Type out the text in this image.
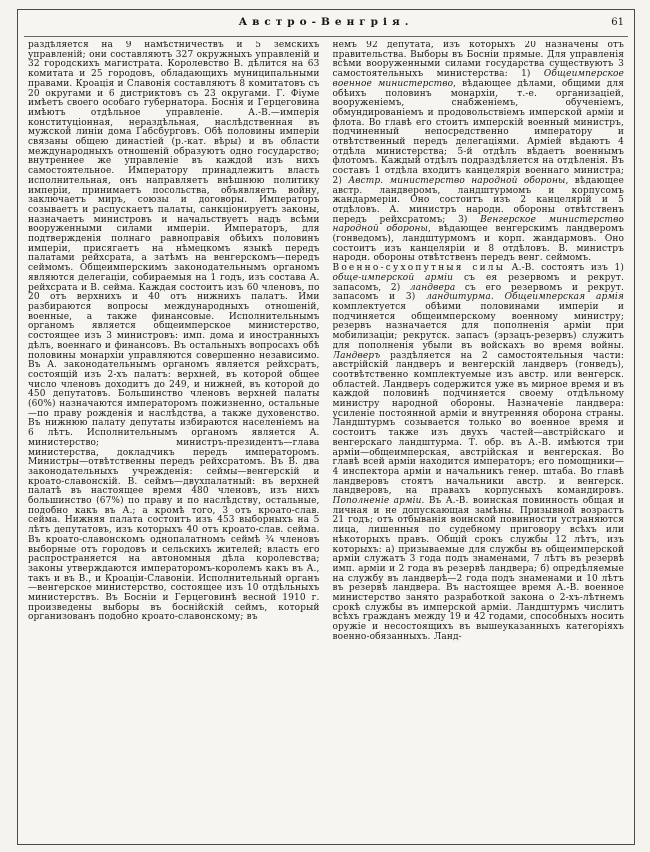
Австро-Венгрія.	61

раздѣляется на 9 намѣстничествъ и 5 земскихъ управленій; они составляютъ 327 окружныхъ управленій и 32 городскихъ магистрата. Королевство В. дѣлится на 63 комитата и 25 городовъ, обладающихъ муниципальными правами. Кроація и Славонія составляютъ 8 комитатовъ съ 20 округами и 6 дистриктовъ съ 23 округами. Г. Фіуме имѣетъ своего особаго губернатора. Боснія и Герцеговина имѣютъ отдѣльное управленіе. А.-В.—имперія конституціонная, нераздѣльная, наслѣдственная въ мужской линіи дома Габсбурговъ. Обѣ половины имперіи связаны общею династіей (р.-кат. вѣры) и въ области международныхъ отношеній образуютъ одно государство; внутреннее же управленіе въ каждой изъ нихъ самостоятельное. Императору принадлежитъ власть исполнительная, онъ направляетъ внѣшнюю политику имперіи, принимаетъ посольства, объявляетъ войну, заключаетъ миръ, союзы и договоры. Императоръ созываетъ и распускаетъ палаты, санкціонируетъ законы, назначаетъ министровъ и начальствуетъ надъ всѣми вооруженными силами имперіи. Императоръ, для подтвержденія полнаго равноправія обѣихъ половинъ имперіи, присягаетъ на нѣмецкомъ языкѣ передъ палатами рейхсрата, а затѣмъ на венгерскомъ—передъ сеймомъ. Общеимперскимъ законодательнымъ органомъ являются делегаціи, собираемыя на 1 годъ, изъ состава А. рейхсрата и В. сейма. Каждая состоитъ изъ 60 членовъ, по 20 отъ верхнихъ и 40 отъ нижнихъ палатъ. Ими разбираются вопросы международныхъ отношеній, военные, а также финансовые. Исполнительнымъ органомъ является общеимперское министерство, состоящее изъ 3 министровъ: имп. дома и иностранныхъ дѣлъ, военнаго и финансовъ. Въ остальныхъ вопросахъ обѣ половины монархіи управляются совершенно независимо. Въ А. законодательнымъ органомъ является рейхсратъ, состоящій изъ 2-хъ палатъ: верхней, въ которой общее число членовъ доходитъ до 249, и нижней, въ которой до 450 депутатовъ. Большинство членовъ верхней палаты (60%) назначаются императоромъ пожизненно, остальные—по праву рожденія и наслѣдства, а также духовенство. Въ нижнюю палату депутаты избираются населеніемъ на 6 лѣтъ. Исполнительнымъ органомъ является А. министерство; министръ-президентъ—глава министерства, докладчикъ передъ императоромъ. Министры—отвѣтственны передъ рейхсратомъ. Въ В. два законодательныхъ учрежденія: сеймы—венгерскій и кроато-славонскій. В. сеймъ—двухпалатный: въ верхней палатѣ въ настоящее время 480 членовъ, изъ нихъ большинство (67%) по праву и по наслѣдству, остальные, подобно какъ въ А.; а кромѣ того, 3 отъ кроато-слав. сейма. Нижняя палата состоитъ изъ 453 выборныхъ на 5 лѣтъ депутатовъ, изъ которыхъ 40 отъ кроато-слав. сейма. Въ кроато-славонскомъ однопалатномъ сеймѣ ¾ членовъ выборные отъ городовъ и сельскихъ жителей; власть его распространяется на автономныя дѣла королевства; законы утверждаются императоромъ-королемъ какъ въ А., такъ и въ В., и Кроаціи-Славоніи. Исполнительный органъ—венгерское министерство, состоящее изъ 10 отдѣльныхъ министерствъ. Въ Босніи и Герцеговинѣ весной 1910 г. произведены выборы въ боснійскій сеймъ, который организованъ подобно кроато-славонскому; въ

немъ 92 депутата, изъ которыхъ 20 назначены отъ правительства. Выборы въ Босніи прямые. Для управленія всѣми вооруженными силами государства существуютъ 3 самостоятельныхъ министерства: 1) Общеимперское военное министерство, вѣдающее дѣлами, общими для обѣихъ половинъ монархіи, т.-е. организаціей, вооруженіемъ, снабженіемъ, обученіемъ, обмундированіемъ и продовольствіемъ имперской арміи и флота. Во главѣ его стоитъ имперскій военный министръ, подчиненный непосредственно императору и отвѣтственный передъ делегаціями. Арміей вѣдаютъ 4 отдѣла министерства; 5-й отдѣлъ вѣдаетъ военнымъ флотомъ. Каждый отдѣлъ подраздѣляется на отдѣленія. Въ составъ 1 отдѣла входитъ канцелярія военнаго министра; 2) Австр. министерство народной обороны, вѣдающее австр. ландверомъ, ландштурмомъ и корпусомъ жандармеріи. Оно состоитъ изъ 2 канцелярій и 5 отдѣловъ. А. министръ народн. обороны отвѣтственъ передъ рейхсратомъ; 3) Венгерское министерство народной обороны, вѣдающее венгерскимъ ландверомъ (гонведомъ), ландштурмомъ и корп. жандармовъ. Оно состоитъ изъ канцеляріи и 8 отдѣловъ. В. министръ народн. обороны отвѣтственъ передъ венг. сеймомъ.

Военно-сухопутныя силы А.-В. состоятъ изъ 1) обще-имперской арміи съ ея резервомъ и рекрут. запасомъ, 2) ландвера съ его резервомъ и рекрут. запасомъ и 3) ландштурма. Общеимперская армія комплектуется обѣими половинами имперіи и подчиняется общеимперскому военному министру; резервъ назначается для пополненія арміи при мобилизаціи; рекрутск. запасъ (эрзацъ-резервъ) служитъ для пополненія убыли въ войскахъ во время войны. Ландверъ раздѣляется на 2 самостоятельныя части: австрійскій ландверъ и венгерскій ландверъ (гонведъ), соотвѣтственно комплектуемые изъ австр. или венгерск. областей. Ландверъ содержится уже въ мирное время и въ каждой половинѣ подчиняется своему отдѣльному министру народной обороны. Назначеніе ландвера: усиленіе постоянной арміи и внутренняя оборона страны. Ландштурмъ созывается только во военное время и состоитъ также изъ двухъ частей—австрійскаго и венгерскаго ландштурма. Т. обр. въ А.-В. имѣются три арміи—общеимперская, австрійская и венгерская. Во главѣ всей арміи находится императоръ; его помощники—4 инспектора арміи и начальникъ генер. штаба. Во главѣ ландверовъ стоятъ начальники австр. и венгерск. ландверовъ, на правахъ корпусныхъ командировъ. Пополненіе арміи. Въ А.-В. воинская повинность общая и личная и не допускающая замѣны. Призывной возрастъ 21 годъ; отъ отбыванія воинской повинности устраняются лица, лишенныя по судебному приговору всѣхъ или нѣкоторыхъ правъ. Общій срокъ службы 12 лѣтъ, изъ которыхъ: а) призываемые для службы въ общеимперской арміи служатъ 3 года подъ знаменами, 7 лѣтъ въ резервѣ имп. арміи и 2 года въ резервѣ ландвера; б) опредѣляемые на службу въ ландверѣ—2 года подъ знаменами и 10 лѣтъ въ резервѣ ландвера. Въ настоящее время А.-В. военное министерство занято разработкой закона о 2-хъ-лѣтнемъ срокѣ службы въ имперской арміи. Ландштурмъ числитъ всѣхъ гражданъ между 19 и 42 годами, способныхъ носить оружіе и несостоящихъ въ вышеуказанныхъ категоріяхъ военно-обязанныхъ. Ланд-
